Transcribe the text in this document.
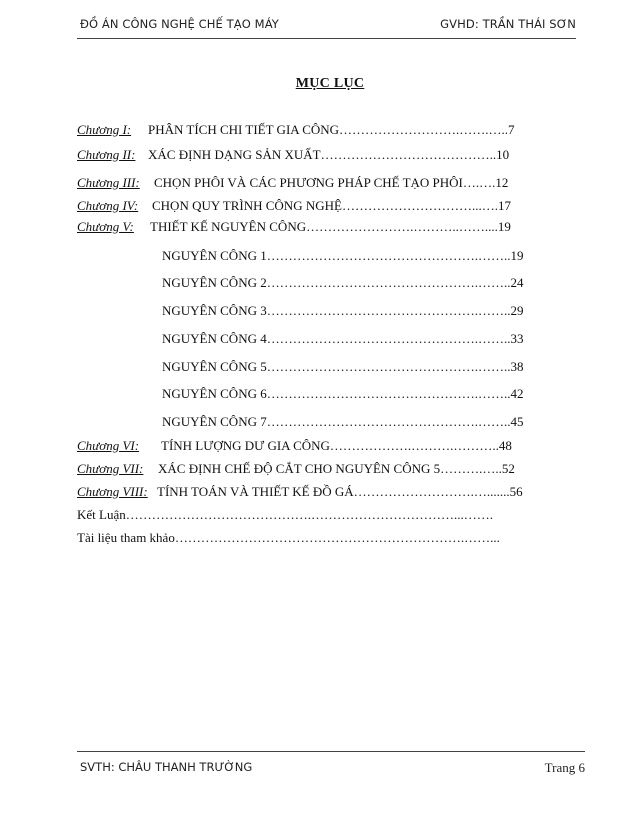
ĐỒ ÁN CÔNG NGHỆ CHẾ TẠO MÁY	GVHD: TRẦN THÁI SƠN
MỤC LỤC
Chương I: PHÂN TÍCH CHI TIẾT GIA CÔNG……………………….…….…..7
Chương II: XÁC ĐỊNH DẠNG SẢN XUẤT…………………………………..10
Chương III: CHỌN PHÔI VÀ CÁC PHƯƠNG PHÁP CHẾ TẠO PHÔI….….12
Chương IV: CHỌN QUY TRÌNH CÔNG NGHỆ…………………………...….17
Chương V: THIẾT KẾ NGUYÊN CÔNG…………………….………..……....19
NGUYÊN CÔNG 1………………………………………….……..19
NGUYÊN CÔNG 2………………………………………….……..24
NGUYÊN CÔNG 3………………………………………….……..29
NGUYÊN CÔNG 4………………………………………….……..33
NGUYÊN CÔNG 5………………………………………….……..38
NGUYÊN CÔNG 6………………………………………….……..42
NGUYÊN CÔNG 7………………………………………….……..45
Chương VI: TÍNH LƯỢNG DƯ GIA CÔNG……………….……….………..48
Chương VII: XÁC ĐỊNH CHẾ ĐỘ CẮT CHO NGUYÊN CÔNG 5……….…..52
Chương VIII: TÍNH TOÁN VÀ THIẾT KẾ ĐỒ GÁ……………………….….......56
Kết Luận…………………………………….……………………………...…….
Tài liệu tham khảo………………………………………………………….……...
SVTH: CHÂU THANH TRƯỜNG	Trang 6
